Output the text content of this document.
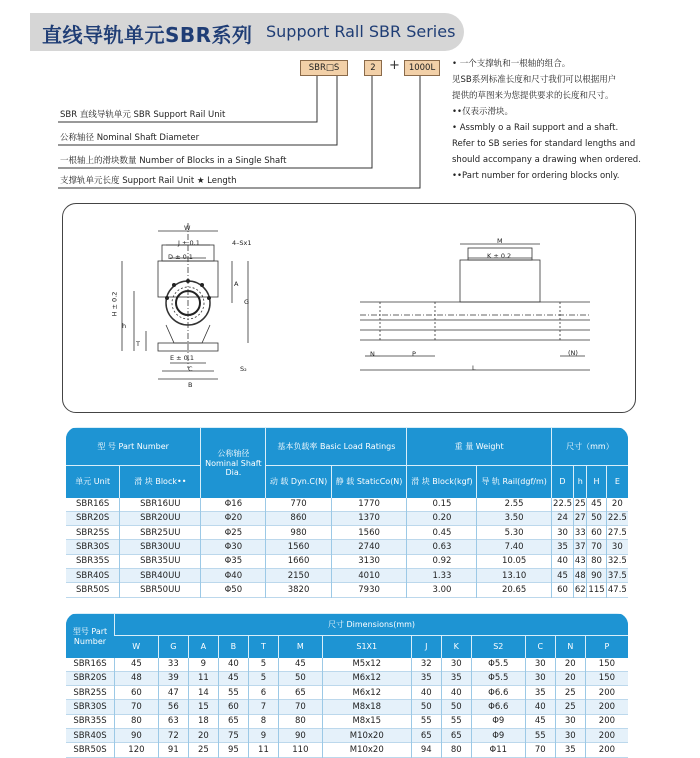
直线导轨单元SBR系列 Support Rall SBR Series
SBR□S	2	+	1000L
SBR 直线导轨单元 SBR Support Rail Unit
公称轴径 Nominal Shaft Diameter
一根轴上的滑块数量 Number of Blocks in a Single Shaft
支撑轨单元长度 Support Rail Unit ★ Length
• 一个支撑轨和一根轴的组合。
见SB系列标准长度和尺寸我们可以根据用户
提供的草图来为您提供要求的长度和尺寸。
••仅表示滑块。
• Assmbly o a Rail support and a shaft.
Refer to SB series for standard lengths and
should accompany a drawing when ordered.
••Part number for ordering blocks only.
W
J ± 0.1	4–Sx1
D ± 0.1
A
G
H ± 0.2
h
T
E ± 0.1
C
B
S₂
M
K ± 0.2
N	P
L
(N)
型 号 Part Number		公称轴径 Nominal Shaft Dia.	基本负载率 Basic Load Ratings		重 量 Weight		尺寸（mm）			
单元 Unit	滑 块 Block••		动 载 Dyn.C(N)	静 载 StaticCo(N)	滑 块 Block(kgf)	导 轨 Rail(dgf/m)	D	h	H	E
SBR16S	SBR16UU	Φ16	770	1770	0.15	2.55	22.5	25	45	20
SBR20S	SBR20UU	Φ20	860	1370	0.20	3.50	24	27	50	22.5
SBR25S	SBR25UU	Φ25	980	1560	0.45	5.30	30	33	60	27.5
SBR30S	SBR30UU	Φ30	1560	2740	0.63	7.40	35	37	70	30
SBR35S	SBR35UU	Φ35	1660	3130	0.92	10.05	40	43	80	32.5
SBR40S	SBR40UU	Φ40	2150	4010	1.33	13.10	45	48	90	37.5
SBR50S	SBR50UU	Φ50	3820	7930	3.00	20.65	60	62	115	47.5
型号 Part Number	尺寸 Dimensions(mm)												
	W	G	A	B	T	M	S1X1	J	K	S2	C	N	P
SBR16S	45	33	9	40	5	45	M5x12	32	30	Φ5.5	30	20	150
SBR20S	48	39	11	45	5	50	M6x12	35	35	Φ5.5	30	20	150
SBR25S	60	47	14	55	6	65	M6x12	40	40	Φ6.6	35	25	200
SBR30S	70	56	15	60	7	70	M8x18	50	50	Φ6.6	40	25	200
SBR35S	80	63	18	65	8	80	M8x15	55	55	Φ9	45	30	200
SBR40S	90	72	20	75	9	90	M10x20	65	65	Φ9	55	30	200
SBR50S	120	91	25	95	11	110	M10x20	94	80	Φ11	70	35	200
